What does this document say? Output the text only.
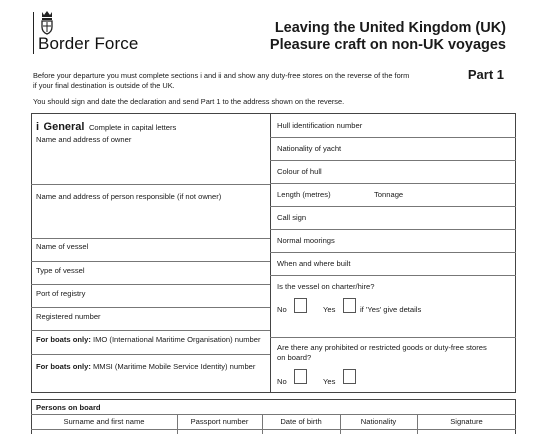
Border Force
Leaving the United Kingdom (UK)
Pleasure craft on non-UK voyages
Part 1
Before your departure you must complete sections i and ii and show any duty-free stores on the reverse of the form
if your final destination is outside of the UK.
You should sign and date the declaration and send Part 1 to the address shown on the reverse.
i General Complete in capital letters
Name and address of owner
Name and address of person responsible (if not owner)
Name of vessel
Type of vessel
Port of registry
Registered number
For boats only: IMO (International Maritime Organisation) number
For boats only: MMSI (Maritime Mobile Service Identity) number
Hull identification number
Nationality of yacht
Colour of hull
Length (metres)	Tonnage
Call sign
Normal moorings
When and where built
Is the vessel on charter/hire?
No	Yes	if 'Yes' give details
Are there any prohibited or restricted goods or duty-free stores
on board?
No	Yes
Persons on board
Surname and first name	Passport number	Date of birth	Nationality	Signature
